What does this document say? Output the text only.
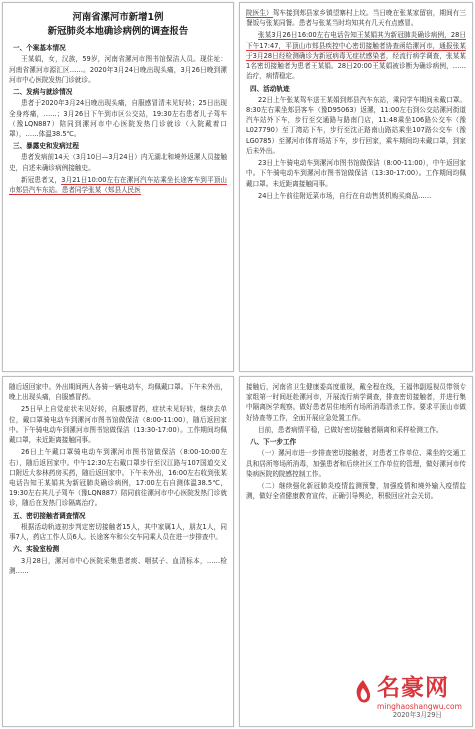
河南省漯河市新增1例
新冠肺炎本地确诊病例的调查报告
一、个案基本情况

王某娟，女，汉族，59岁，河南省漯河市图书馆保洁人员。现住址：河南省漯河市源汇区……。2020年3月24日晚出现头痛，3月26日晚到漯河市中心医院发热门诊就诊。

二、发病与就诊情况

患者于2020年3月24日晚出现头痛，自服感冒清未见好转；25日出现全身疼痛，……；3月26日下午到市区公交站，19:30左右患者儿子驾车（豫LQN887）陪同到漯河市中心医院发热门诊就诊（入院戴着口罩），……体温38.5℃。

三、暴露史和发病过程

患者发病前14天（3月10日—3月24日）内无湖北和境外返漯人员接触史，自述未确诊病例接触史。

新冠患者又，3月21日10:00左右在漯河汽车站乘坐长途客车到平顶山市郏县汽车东站。患者同学张某（郏县人民医

院医生）驾车接到郏县家乡镇望寨村上坟。当日晚在张某家留宿，期间有三餐饭与张某同餐。患者与张某当时均知其有几天有点感冒。

张某3月26日16:00左右电话告知王某娟其为新冠肺炎确诊病例，28日下午17:47，平顶山市郏县疾控中心密切接触者协查函给漯河市，通报张某于3月28日经检测确诊为新冠病毒无症状感染者，经流行病学调查，张某某1名密切接触者为患者王某娟。28日20:00王某娟被诊断为确诊病例，……治疗，病情稳定。

四、活动轨迹

22日上午张某驾车送王某娟到郏县汽车东站，乘同学车期间未戴口罩。8:30左右乘坐郏县客车（豫D95063）返漯，11:00左右到公交站漯河街道汽车站外下车，步行至交通路与路南门店，11:48乘坐106路公交车（豫L027790）至丁湾站下车，步行至沈正路南山路站乘坐107路公交车（豫LG0785）至漯河市体育场站下车，步行回家，乘车期间均未戴口罩，到家后未外出。

23日上午骑电动车到漯河市图书馆做保洁（8:00-11:00），中午返回家中。下午骑电动车到漯河市图书馆做保洁（13:30-17:00）。工作期间均佩戴口罩。未近距离接触同事。

24日上午前往附近菜市场，自行在自动售货机购买商品……

随后返回家中。外出期间两人各骑一辆电动车，均佩戴口罩。下午未外出，晚上出现头痛，自服感冒药。

25日早上自觉症状未见好转，自服感冒药，症状未见好转，继续去单位，戴口罩骑电动车到漯河市图书馆做保洁（8:00-11:00），随后返回家中。下午骑电动车到漯河市图书馆做保洁（13:30-17:00）。工作期间均佩戴口罩，未近距离接触同事。

26日上午戴口罩骑电动车到漯河市图书馆做保洁（8:00-10:00左右），随后返回家中。中午12:30左右戴口罩步行至汉江路与107国道交叉口附近大参林药房买药，随后返回家中。下午未外出，16:00左右收到张某电话告知王某娟其为新冠肺炎确诊病例，17:00左右自测体温38.5℃，19:30左右其儿子驾车（豫LQN887）陪同前往漯河市中心医院发热门诊就诊，随后在发热门诊隔离治疗。

五、密切接触者调查情况

根据活动轨迹初步判定密切接触者15人，其中家属1人，朋友1人，同事7人，药店工作人员6人。长途客车和公交车同乘人员在进一步排查中。

六、实验室检测

3月28日，漯河市中心医院采集患者痰、咽拭子、血清标本，……检测……

接触后，河南省卫生健康委高度重视，戴全程在线，王福伟副巡视员带领专家组第一时间赶赴漯河市，开展流行病学调查，排查密切接触者，并进行集中隔离医学观察。做好患者居住地所有场所消毒清杀工作。要求平顶山市做好协查等工作，全面开展应急处置工作。

目前，患者病情平稳，已做好密切接触者隔离和采样检测工作。

八、下一步工作

（一）漯河市进一步排查密切接触者，对患者工作单位、乘坐的交通工具和居所等场所消毒，加强患者和后续社区工作单位的管理，做好漯河市传染病医院的院感控制工作。

（二）继续强化新冠肺炎疫情监测预警，加强疫情和境外输入疫情监测，做好全省健康教育宣传，正确引导舆论，积极回应社会关切。

2020年3月29日
名豪网
minghaoshangwu.com
